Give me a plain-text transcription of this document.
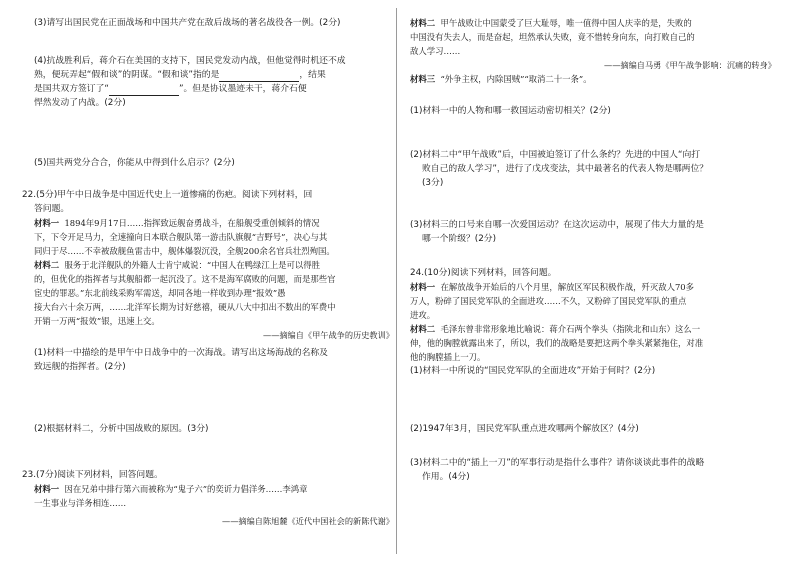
(3)请写出国民党在正面战场和中国共产党在敌后战场的著名战役各一例。(2分)
(4)抗战胜利后，蒋介石在美国的支持下，国民党发动内战，但他觉得时机还不成
熟，便玩弄起“假和谈”的阴谋。“假和谈”指的是	，结果
是国共双方签订了“	”。但是协议墨迹未干，蒋介石便
悍然发动了内战。(2分)
(5)国共两党分合合，你能从中得到什么启示？(2分)
22.(5分)甲午中日战争是中国近代史上一道惨痛的伤疤。阅读下列材料，回
答问题。
材料一 1894年9月17日……指挥致远舰奋勇战斗，在船舰受重创倾斜的情况
下，下令开足马力，全速撞向日本联合舰队第一游击队旗舰“吉野号”，决心与其
同归于尽……不幸被敌舰鱼雷击中，舰体爆裂沉没，全舰200余名官兵壮烈殉国。
材料二 服务于北洋舰队的外籍人士肯宁咸说：“中国人在鸭绿江上是可以得胜
的，但优化的指挥者与其舰船都一起沉没了。这不是海军腐败的问题，而是那些官
宦史的罪恶。”东北前线采购军需送，却同各地一样收到办理“报效”愚
接大台六十余万两，……北洋军长期为讨好慈禧，硬从八大中扣出不数出的军费中
开销一万两“报效”银，迅速上交。
——摘编自《甲午战争的历史教训》
(1)材料一中描绘的是甲午中日战争中的一次海战。请写出这场海战的名称及
致远舰的指挥者。(2分)
(2)根据材料二，分析中国战败的原因。(3分)
23.(7分)阅读下列材料，回答问题。
材料一 因在兄弟中排行第六而被称为“鬼子六”的奕䜣力倡洋务……李鸿章
一生事业与洋务相连……
——摘编自陈旭麓《近代中国社会的新陈代谢》
材料二 甲午战败让中国蒙受了巨大耻辱，唯一值得中国人庆幸的是，失败的
中国没有失去人，而是奋起，坦然承认失败，竟不惜转身向东，向打败自己的
敌人学习……
——摘编自马勇《甲午战争影响：沉痛的转身》
材料三 “外争主权，内除国贼”“取消二十一条”。
(1)材料一中的人物和哪一救国运动密切相关？(2分)
(2)材料二中“甲午战败”后，中国被迫签订了什么条约？先进的中国人“向打
败自己的敌人学习”，进行了戊戌变法，其中最著名的代表人物是哪两位？
(3分)
(3)材料三的口号来自哪一次爱国运动？在这次运动中，展现了伟大力量的是
哪一个阶级？(2分)
24.(10分)阅读下列材料，回答问题。
材料一 在解放战争开始后的八个月里，解放区军民积极作战，歼灭敌人70多
万人，粉碎了国民党军队的全面进攻……不久，又粉碎了国民党军队的重点
进攻。
材料二 毛泽东曾非常形象地比喻说：蒋介石两个拳头（指陕北和山东）这么一
伸，他的胸膛就露出来了，所以，我们的战略是要把这两个拳头紧紧拖住，对准
他的胸膛插上一刀。
(1)材料一中所说的“国民党军队的全面进攻”开始于何时？(2分)
(2)1947年3月，国民党军队重点进攻哪两个解放区？(4分)
(3)材料二中的“插上一刀”的军事行动是指什么事件？请你谈谈此事件的战略
作用。(4分)
